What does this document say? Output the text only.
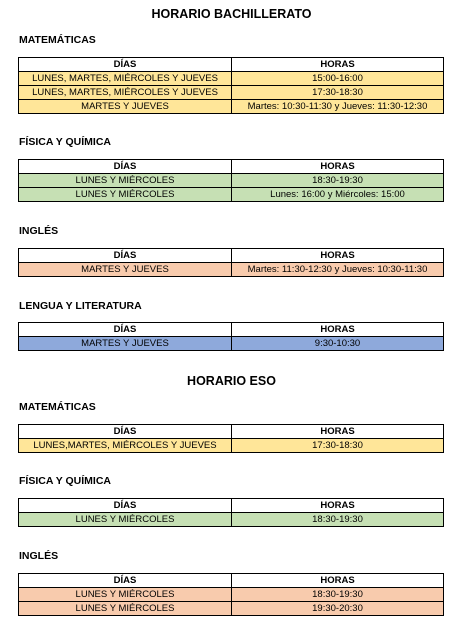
HORARIO BACHILLERATO
MATEMÁTICAS
DÍAS	HORAS
LUNES, MARTES, MIÉRCOLES Y JUEVES	15:00-16:00
LUNES, MARTES, MIÉRCOLES Y JUEVES	17:30-18:30
MARTES Y JUEVES	Martes: 10:30-11:30 y Jueves: 11:30-12:30
FÍSICA Y QUÍMICA
DÍAS	HORAS
LUNES Y MIÉRCOLES	18:30-19:30
LUNES Y MIÉRCOLES	Lunes: 16:00 y Miércoles: 15:00
INGLÉS
DÍAS	HORAS
MARTES Y JUEVES	Martes: 11:30-12:30 y Jueves: 10:30-11:30
LENGUA Y LITERATURA
DÍAS	HORAS
MARTES Y JUEVES	9:30-10:30
HORARIO ESO
MATEMÁTICAS
DÍAS	HORAS
LUNES,MARTES, MIÉRCOLES Y JUEVES	17:30-18:30
FÍSICA Y QUÍMICA
DÍAS	HORAS
LUNES Y MIÉRCOLES	18:30-19:30
INGLÉS
DÍAS	HORAS
LUNES Y MIÉRCOLES	18:30-19:30
LUNES Y MIÉRCOLES	19:30-20:30
